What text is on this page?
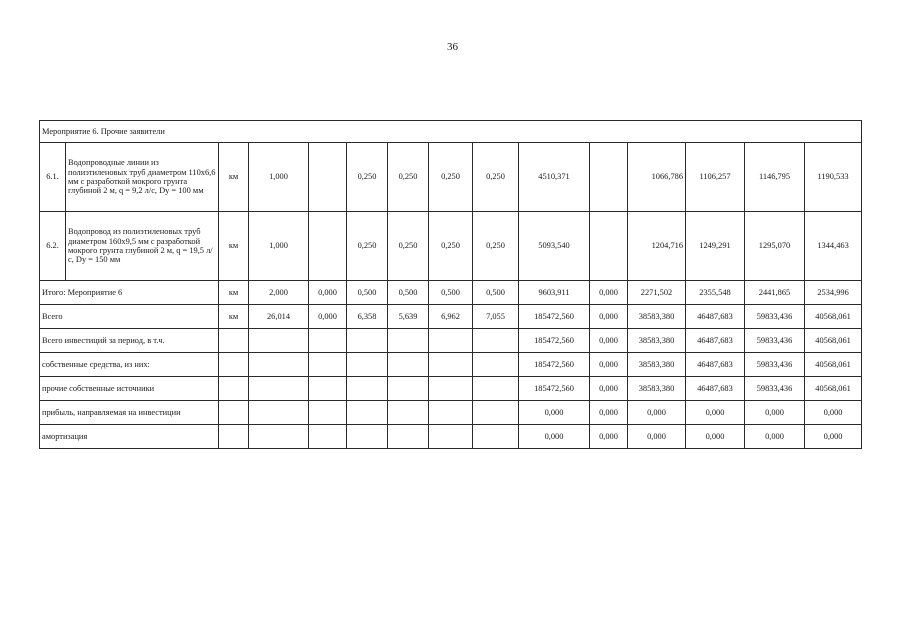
36
Мероприятие 6. Прочие заявители														
6.1.	Водопроводные линии из полиэтиленовых труб диаметром 110х6,6 мм с разработкой мокрого грунта глубиной 2 м, q = 9,2 л/с, Dy = 100 мм	км	1,000		0,250	0,250	0,250	0,250	4510,371		1066,786	1106,257	1146,795	1190,533
6.2.	Водопровод из полиэтиленовых труб диаметром 160х9,5 мм с разработкой мокрого грунта глубиной 2 м, q = 19,5 л/с, Dy = 150 мм	км	1,000		0,250	0,250	0,250	0,250	5093,540		1204,716	1249,291	1295,070	1344,463
Итого: Мероприятие 6		км	2,000	0,000	0,500	0,500	0,500	0,500	9603,911	0,000	2271,502	2355,548	2441,865	2534,996
Всего		км	26,014	0,000	6,358	5,639	6,962	7,055	185472,560	0,000	38583,380	46487,683	59833,436	40568,061
Всего инвестиций за период, в т.ч.									185472,560	0,000	38583,380	46487,683	59833,436	40568,061
собственные средства, из них:									185472,560	0,000	38583,380	46487,683	59833,436	40568,061
прочие собственные источники									185472,560	0,000	38583,380	46487,683	59833,436	40568,061
прибыль, направляемая на инвестиции									0,000	0,000	0,000	0,000	0,000	0,000
амортизация									0,000	0,000	0,000	0,000	0,000	0,000
